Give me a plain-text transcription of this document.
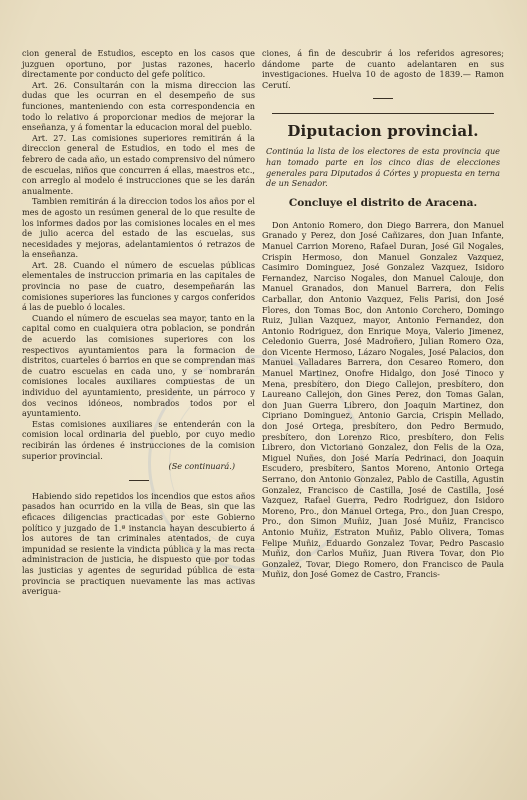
cion general de Estudios, escepto en los casos que juzguen oportuno, por justas razones, hacerlo directamente por conducto del gefe político.

Art. 26. Consultarán con la misma direccion las dudas que les ocurran en el desempeño de sus funciones, manteniendo con esta correspondencia en todo lo relativo á proporcionar medios de mejorar la enseñanza, y á fomentar la educacion moral del pueblo.

Art. 27. Las comisiones superiores remitirán á la direccion general de Estudios, en todo el mes de febrero de cada año, un estado comprensivo del número de escuelas, niños que concurren á ellas, maestros etc., con arreglo al modelo é instrucciones que se les darán anualmente.

Tambien remitirán á la direccion todos los años por el mes de agosto un resúmen general de lo que resulte de los informes dados por las comisiones locales en el mes de julio acerca del estado de las escuelas, sus necesidades y mejoras, adelantamientos ó retrazos de la enseñanza.

Art. 28. Cuando el número de escuelas públicas elementales de instruccion primaria en las capitales de provincia no pase de cuatro, desempeñarán las comisiones superiores las funciones y cargos conferidos á las de pueblo ó locales.

Cuando el número de escuelas sea mayor, tanto en la capital como en cualquiera otra poblacion, se pondrán de acuerdo las comisiones superiores con los respectivos ayuntamientos para la formacion de distritos, cuarteles ó barrios en que se comprendan mas de cuatro escuelas en cada uno, y se nombrarán comisiones locales auxiliares compuestas de un individuo del ayuntamiento, presidente, un párroco y dos vecinos idóneos, nombrados todos por el ayuntamiento.

Estas comisiones auxiliares se entenderán con la comision local ordinaria del pueblo, por cuyo medio recibirán las órdenes é instrucciones de la comision superior provincial.

(Se continuará.)

Habiendo sido repetidos los incendios que estos años pasados han ocurrido en la villa de Beas, sin que las eficaces diligencias practicadas por este Gobierno político y juzgado de 1.ª instancia hayan descubierto á los autores de tan criminales atentados, de cuya impunidad se resiente la vindicta pública y la mas recta administracion de justicia, he dispuesto que por todas las justicias y agentes de seguridad pública de esta provincia se practiquen nuevamente las mas activas averigua-

ciones, á fin de descubrir á los referidos agresores; dándome parte de cuanto adelantaren en sus investigaciones. Huelva 10 de agosto de 1839.— Ramon Cerutí.

Diputacion provincial.
Continúa la lista de los electores de esta provincia que han tomado parte en los cinco dias de elecciones generales para Diputados á Córtes y propuesta en terna de un Senador.
Concluye el distrito de Aracena.

Don Antonio Romero, don Diego Barrera, don Manuel Granado y Perez, don José Cañizares, don Juan Infante, Manuel Carrion Moreno, Rafael Duran, José Gil Nogales, Crispin Hermoso, don Manuel Gonzalez Vazquez, Casimiro Dominguez, José Gonzalez Vazquez, Isidoro Fernandez, Narciso Nogales, don Manuel Calouje, don Manuel Granados, don Manuel Barrera, don Felis Carballar, don Antonio Vazquez, Felis Parisi, don José Flores, don Tomas Boc, don Antonio Corchero, Domingo Ruiz, Julian Vazquez, mayor, Antonio Fernandez, don Antonio Rodriguez, don Enrique Moya, Valerio Jimenez, Celedonio Guerra, José Madroñero, Julian Romero Oza, don Vicente Hermoso, Lázaro Nogales, José Palacios, don Manuel Valladares Barrera, don Cesareo Romero, don Manuel Martinez, Onofre Hidalgo, don José Tinoco y Mena, presbítero, don Diego Callejon, presbítero, don Laureano Callejon, don Gines Perez, don Tomas Galan, don Juan Guerra Librero, don Joaquin Martinez, don Cipriano Dominguez, Antonio Garcia, Crispin Mellado, don José Ortega, presbítero, don Pedro Bermudo, presbítero, don Lorenzo Rico, presbítero, don Felis Librero, don Victoriano Gonzalez, don Felis de la Oza, Miguel Nuñes, don José María Pedrinaci, don Joaquin Escudero, presbítero, Santos Moreno, Antonio Ortega Serrano, don Antonio Gonzalez, Pablo de Castilla, Agustin Gonzalez, Francisco de Castilla, José de Castilla, José Vazquez, Rafael Guerra, Pedro Rodriguez, don Isidoro Moreno, Pro., don Manuel Ortega, Pro., don Juan Crespo, Pro., don Simon Muñiz, Juan José Muñiz, Francisco Antonio Muñiz, Estraton Muñiz, Pablo Olivera, Tomas Felipe Muñiz, Eduardo Gonzalez Tovar, Pedro Pascasio Muñiz, don Carlos Muñiz, Juan Rivera Tovar, don Pio Gonzalez, Tovar, Diego Romero, don Francisco de Paula Muñiz, don José Gomez de Castro, Francis-
